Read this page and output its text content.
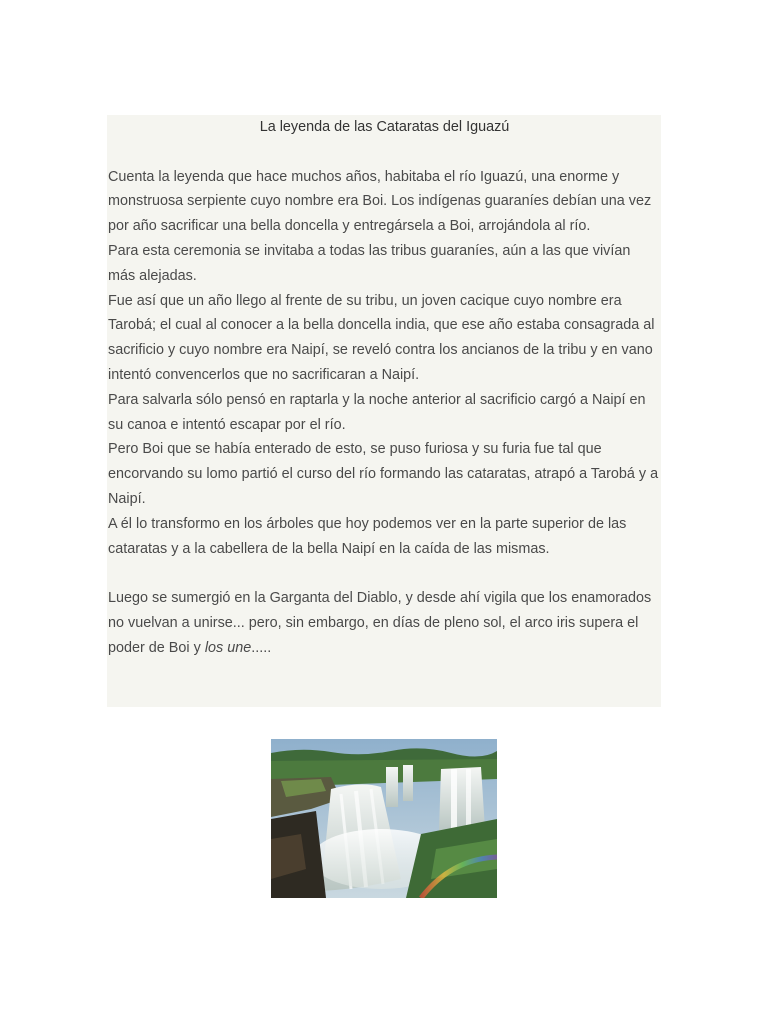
La leyenda de las Cataratas del Iguazú

Cuenta la leyenda que hace muchos años, habitaba el río Iguazú, una enorme y monstruosa serpiente cuyo nombre era Boi. Los indígenas guaraníes debían una vez por año sacrificar una bella doncella y entregársela a Boi, arrojándola al río.

Para esta ceremonia se invitaba a todas las tribus guaraníes, aún a las que vivían más alejadas.

Fue así que un año llego al frente de su tribu, un joven cacique cuyo nombre era Tarobá; el cual al conocer a la bella doncella india, que ese año estaba consagrada al sacrificio y cuyo nombre era Naipí, se reveló contra los ancianos de la tribu y en vano intentó convencerlos que no sacrificaran a Naipí.

Para salvarla sólo pensó en raptarla y la noche anterior al sacrificio cargó a Naipí en su canoa e intentó escapar por el río.

Pero Boi que se había enterado de esto, se puso furiosa y su furia fue tal que encorvando su lomo partió el curso del río formando las cataratas, atrapó a Tarobá y a Naipí.

A él lo transformo en los árboles que hoy podemos ver en la parte superior de las cataratas y a la cabellera de la bella Naipí en la caída de las mismas.

Luego se sumergió en la Garganta del Diablo, y desde ahí vigila que los enamorados no vuelvan a unirse... pero, sin embargo, en días de pleno sol, el arco iris supera el poder de Boi y los une.....
